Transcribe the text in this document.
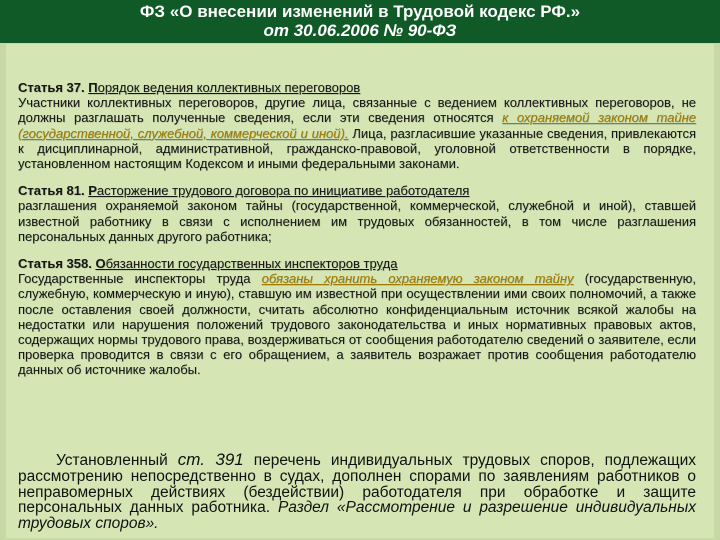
ФЗ «О внесении изменений в Трудовой кодекс РФ.»
от 30.06.2006 № 90-ФЗ
Статья 37. Порядок ведения коллективных переговоров
Участники коллективных переговоров, другие лица, связанные с ведением коллективных переговоров, не должны разглашать полученные сведения, если эти сведения относятся к охраняемой законом тайне (государственной, служебной, коммерческой и иной). Лица, разгласившие указанные сведения, привлекаются к дисциплинарной, административной, гражданско-правовой, уголовной ответственности в порядке, установленном настоящим Кодексом и иными федеральными законами.
Статья 81. Расторжение трудового договора по инициативе работодателя
разглашения охраняемой законом тайны (государственной, коммерческой, служебной и иной), ставшей известной работнику в связи с исполнением им трудовых обязанностей, в том числе разглашения персональных данных другого работника;
Статья 358. Обязанности государственных инспекторов труда
Государственные инспекторы труда обязаны хранить охраняемую законом тайну (государственную, служебную, коммерческую и иную), ставшую им известной при осуществлении ими своих полномочий, а также после оставления своей должности, считать абсолютно конфиденциальным источник всякой жалобы на недостатки или нарушения положений трудового законодательства и иных нормативных правовых актов, содержащих нормы трудового права, воздерживаться от сообщения работодателю сведений о заявителе, если проверка проводится в связи с его обращением, а заявитель возражает против сообщения работодателю данных об источнике жалобы.
Установленный ст. 391 перечень индивидуальных трудовых споров, подлежащих рассмотрению непосредственно в судах, дополнен спорами по заявлениям работников о неправомерных действиях (бездействии) работодателя при обработке и защите персональных данных работника. Раздел «Рассмотрение и разрешение индивидуальных трудовых споров».
